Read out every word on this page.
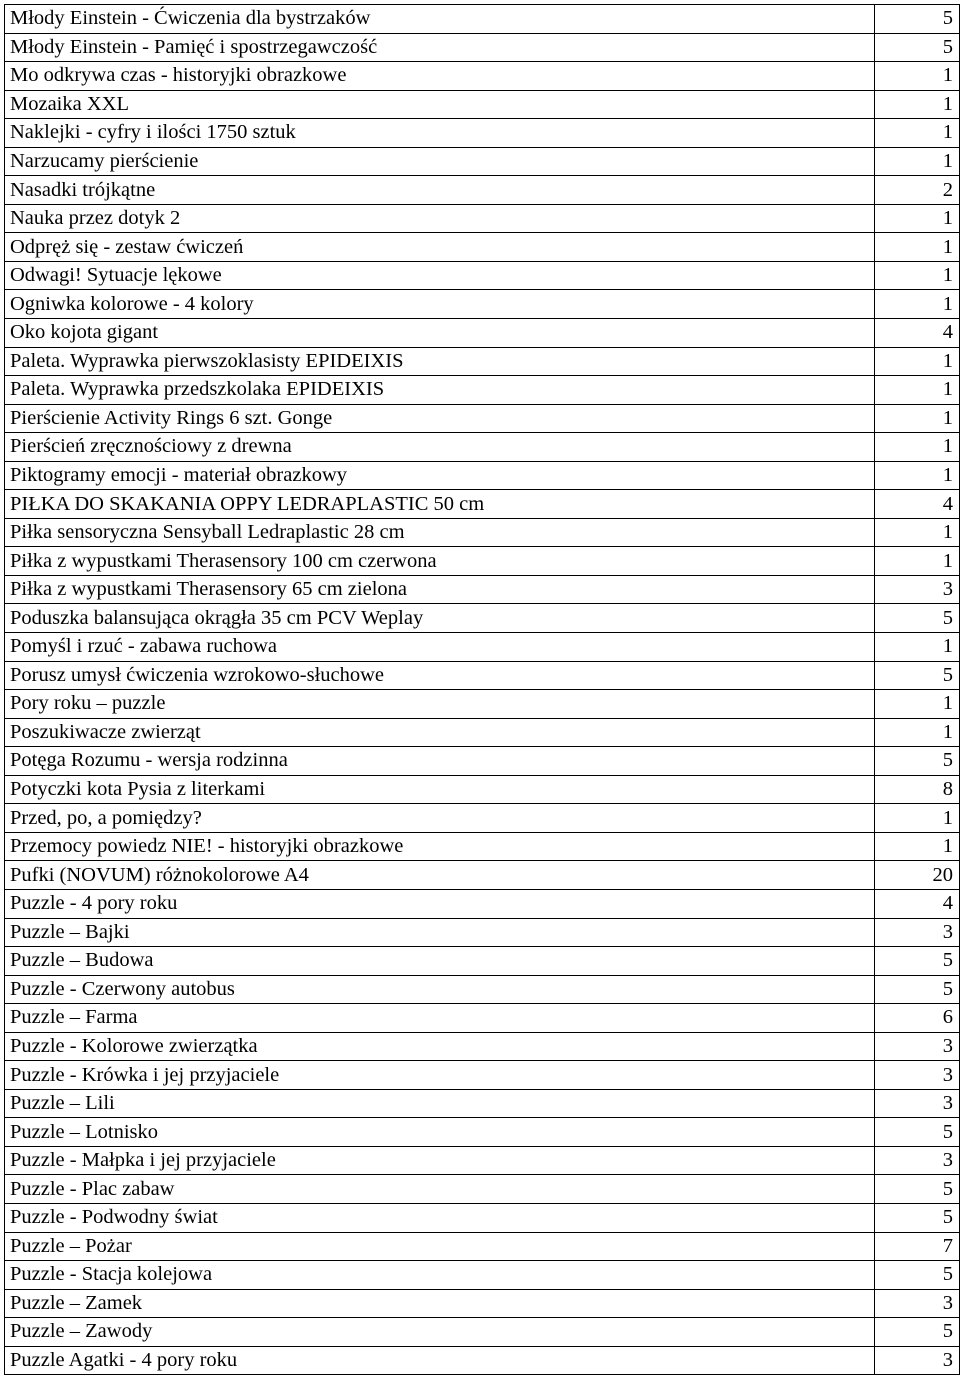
Młody Einstein - Ćwiczenia dla bystrzaków	5
Młody Einstein - Pamięć i spostrzegawczość	5
Mo odkrywa czas - historyjki obrazkowe	1
Mozaika XXL	1
Naklejki - cyfry i ilości 1750 sztuk	1
Narzucamy pierścienie	1
Nasadki trójkątne	2
Nauka przez dotyk 2	1
Odpręż się - zestaw ćwiczeń	1
Odwagi! Sytuacje lękowe	1
Ogniwka kolorowe - 4 kolory	1
Oko kojota gigant	4
Paleta. Wyprawka pierwszoklasisty EPIDEIXIS	1
Paleta. Wyprawka przedszkolaka EPIDEIXIS	1
Pierścienie Activity Rings 6 szt. Gonge	1
Pierścień zręcznościowy z drewna	1
Piktogramy emocji - materiał obrazkowy	1
PIŁKA DO SKAKANIA OPPY LEDRAPLASTIC 50 cm	4
Piłka sensoryczna Sensyball Ledraplastic 28 cm	1
Piłka z wypustkami Therasensory 100 cm czerwona	1
Piłka z wypustkami Therasensory 65 cm zielona	3
Poduszka balansująca okrągła 35 cm PCV Weplay	5
Pomyśl i rzuć - zabawa ruchowa	1
Porusz umysł ćwiczenia wzrokowo-słuchowe	5
Pory roku – puzzle	1
Poszukiwacze zwierząt	1
Potęga Rozumu - wersja rodzinna	5
Potyczki kota Pysia z literkami	8
Przed, po, a pomiędzy?	1
Przemocy powiedz NIE! - historyjki obrazkowe	1
Pufki (NOVUM) różnokolorowe A4	20
Puzzle - 4 pory roku	4
Puzzle – Bajki	3
Puzzle – Budowa	5
Puzzle - Czerwony autobus	5
Puzzle – Farma	6
Puzzle - Kolorowe zwierzątka	3
Puzzle - Krówka i jej przyjaciele	3
Puzzle – Lili	3
Puzzle – Lotnisko	5
Puzzle - Małpka i jej przyjaciele	3
Puzzle - Plac zabaw	5
Puzzle - Podwodny świat	5
Puzzle – Pożar	7
Puzzle - Stacja kolejowa	5
Puzzle – Zamek	3
Puzzle – Zawody	5
Puzzle Agatki - 4 pory roku	3
